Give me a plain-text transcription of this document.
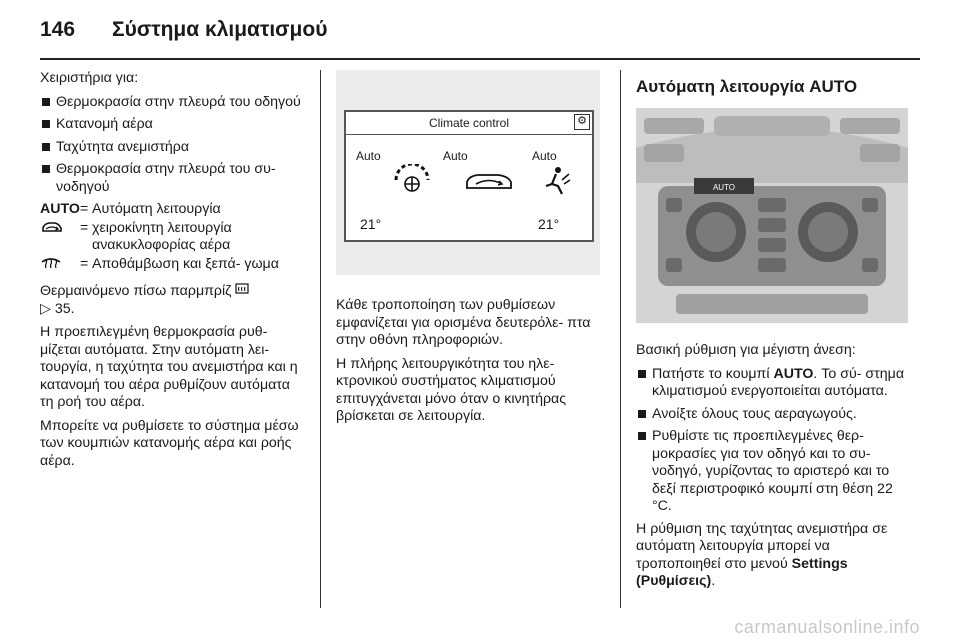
146	Σύστημα κλιματισμού

Χειριστήρια για:

Θερμοκρασία στην πλευρά του οδηγού
Κατανομή αέρα
Ταχύτητα ανεμιστήρα
Θερμοκρασία στην πλευρά του συ- νοδηγού
AUTO = Αυτόματη λειτουργία
= χειροκίνητη λειτουργία ανακυκλοφορίας αέρα
= Αποθάμβωση και ξεπά- γωμα

Θερμαινόμενο πίσω παρμπρίζ
▷ 35.

Η προεπιλεγμένη θερμοκρασία ρυθ- μίζεται αυτόματα. Στην αυτόματη λει- τουργία, η ταχύτητα του ανεμιστήρα και η κατανομή του αέρα ρυθμίζουν αυτόματα τη ροή του αέρα.

Μπορείτε να ρυθμίσετε το σύστημα μέσω των κουμπιών κατανομής αέρα και ροής αέρα.

Climate control	⚙
Auto	Auto	Auto
21°	21°

Κάθε τροποποίηση των ρυθμίσεων εμφανίζεται για ορισμένα δευτερόλε- πτα στην οθόνη πληροφοριών.

Η πλήρης λειτουργικότητα του ηλε- κτρονικού συστήματος κλιματισμού επιτυγχάνεται μόνο όταν ο κινητήρας βρίσκεται σε λειτουργία.

Αυτόματη λειτουργία AUTO
AUTO

Βασική ρύθμιση για μέγιστη άνεση:

Πατήστε το κουμπί AUTO. Το σύ- στημα κλιματισμού ενεργοποιείται αυτόματα.
Ανοίξτε όλους τους αεραγωγούς.
Ρυθμίστε τις προεπιλεγμένες θερ- μοκρασίες για τον οδηγό και το συ- νοδηγό, γυρίζοντας το αριστερό και το δεξί περιστροφικό κουμπί στη θέση 22 °C.

Η ρύθμιση της ταχύτητας ανεμιστήρα σε αυτόματη λειτουργία μπορεί να τροποποιηθεί στο μενού Settings (Ρυθμίσεις).

carmanualsonline.info
